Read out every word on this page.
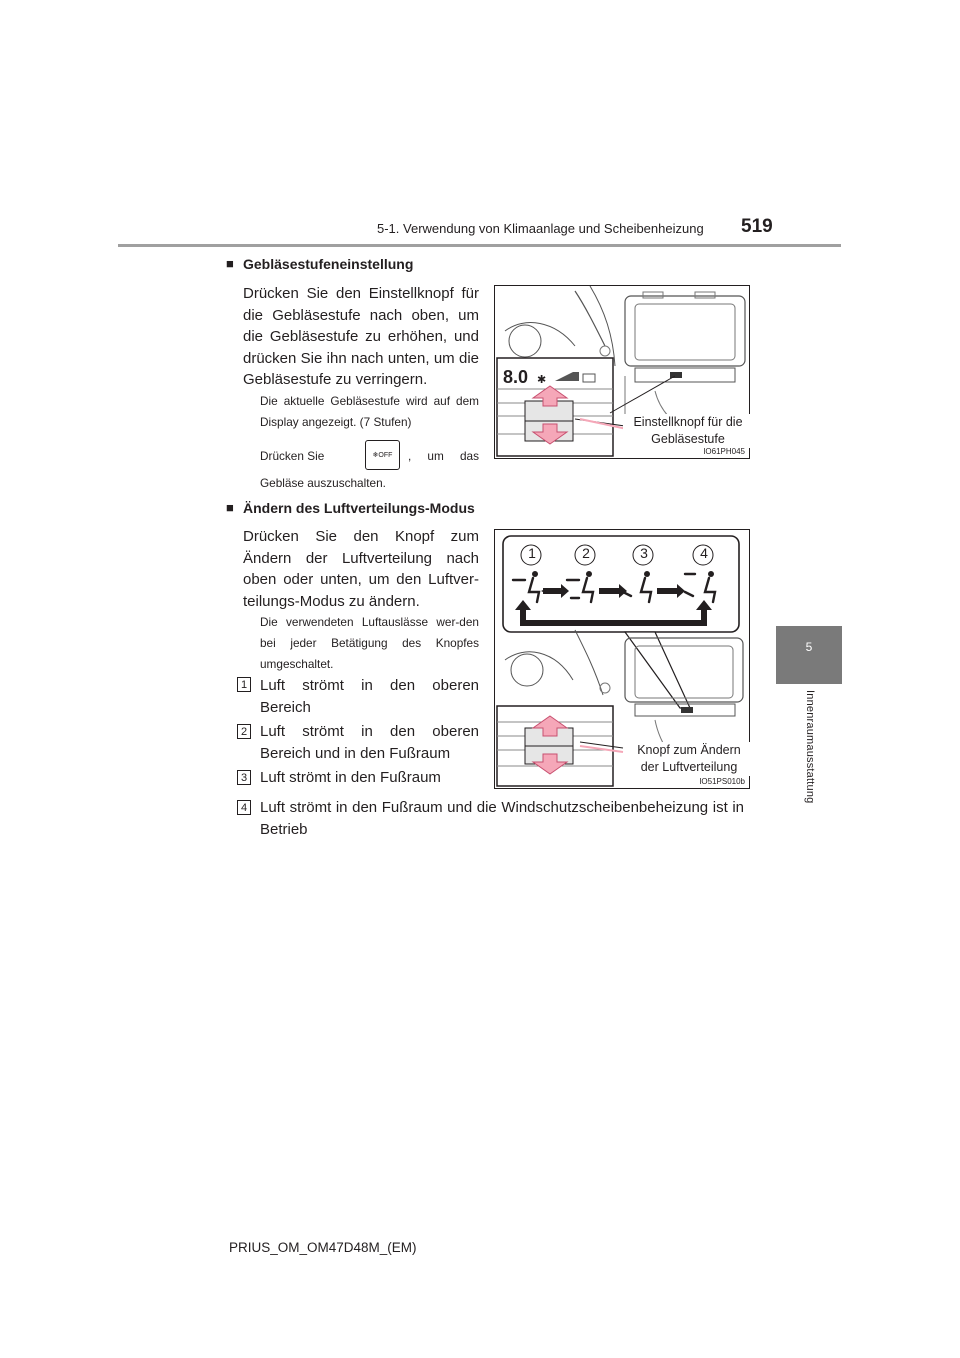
5-1. Verwendung von Klimaanlage und Scheibenheizung 519
5
Innenraumausstattung
■ Gebläsestufeneinstellung
Drücken Sie den Einstellknopf für die Gebläsestufe nach oben, um die Gebläsestufe zu erhöhen, und drücken Sie ihn nach unten, um die Gebläsestufe zu verringern.
Die aktuelle Gebläsestufe wird auf dem Display angezeigt. (7 Stufen)
Drücken Sie	❄OFF	, um das
Gebläse auszuschalten.
8.0 ✱
Einstellknopf für die Gebläsestufe
IO61PH045
■ Ändern des Luftverteilungs-Modus
Drücken Sie den Knopf zum Ändern der Luftverteilung nach oben oder unten, um den Luftver-teilungs-Modus zu ändern.
Die verwendeten Luftauslässe wer-den bei jeder Betätigung des Knopfes umgeschaltet.
1 Luft strömt in den oberen Bereich
2 Luft strömt in den oberen Bereich und in den Fußraum
3 Luft strömt in den Fußraum
4 Luft strömt in den Fußraum und die Windschutzscheibenbeheizung ist in Betrieb
1	2	3	4
Knopf zum Ändern der Luftverteilung
IO51PS010b
PRIUS_OM_OM47D48M_(EM)
